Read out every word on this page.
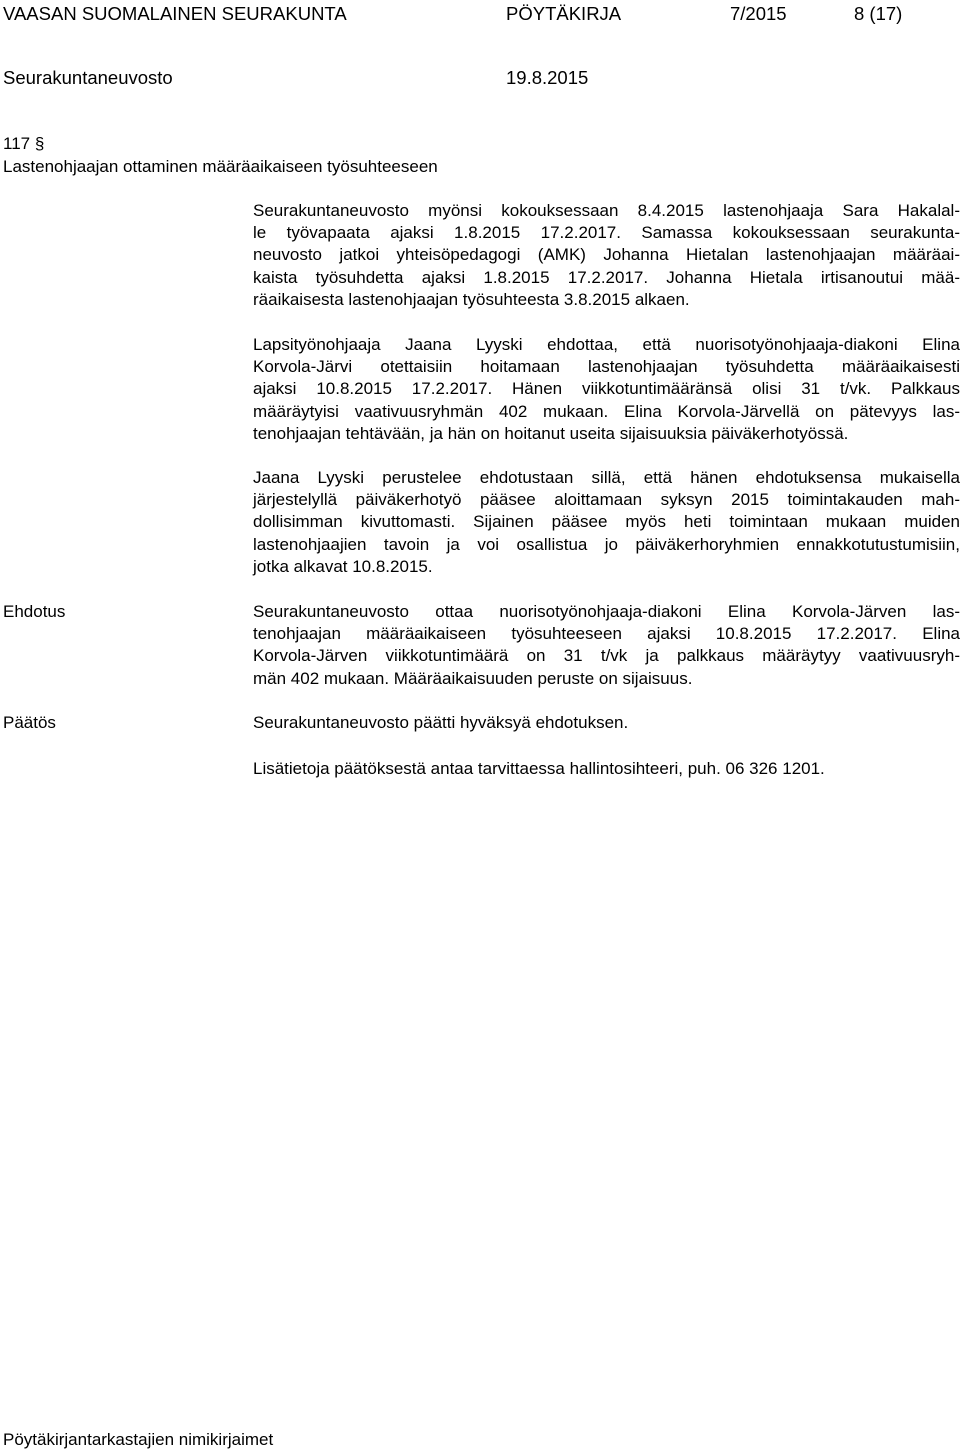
VAASAN SUOMALAINEN SEURAKUNTA	PÖYTÄKIRJA	7/2015	8 (17)
Seurakuntaneuvosto	19.8.2015
117 §
Lastenohjaajan ottaminen määräaikaiseen työsuhteeseen
Seurakuntaneuvosto myönsi kokouksessaan 8.4.2015 lastenohjaaja Sara Hakalal-
le työvapaata ajaksi 1.8.2015 17.2.2017. Samassa kokouksessaan seurakunta-
neuvosto jatkoi yhteisöpedagogi (AMK) Johanna Hietalan lastenohjaajan määräai-
kaista työsuhdetta ajaksi 1.8.2015 17.2.2017. Johanna Hietala irtisanoutui mää-
räaikaisesta lastenohjaajan työsuhteesta 3.8.2015 alkaen.
Lapsityönohjaaja Jaana Lyyski ehdottaa, että nuorisotyönohjaaja-diakoni Elina
Korvola-Järvi otettaisiin hoitamaan lastenohjaajan työsuhdetta määräaikaisesti
ajaksi 10.8.2015 17.2.2017. Hänen viikkotuntimääränsä olisi 31 t/vk. Palkkaus
määräytyisi vaativuusryhmän 402 mukaan. Elina Korvola-Järvellä on pätevyys las-
tenohjaajan tehtävään, ja hän on hoitanut useita sijaisuuksia päiväkerhotyössä.
Jaana Lyyski perustelee ehdotustaan sillä, että hänen ehdotuksensa mukaisella
järjestelyllä päiväkerhotyö pääsee aloittamaan syksyn 2015 toimintakauden mah-
dollisimman kivuttomasti. Sijainen pääsee myös heti toimintaan mukaan muiden
lastenohjaajien tavoin ja voi osallistua jo päiväkerhoryhmien ennakkotutustumisiin,
jotka alkavat 10.8.2015.
Ehdotus	Seurakuntaneuvosto ottaa nuorisotyönohjaaja-diakoni Elina Korvola-Järven las-
tenohjaajan määräaikaiseen työsuhteeseen ajaksi 10.8.2015 17.2.2017. Elina
Korvola-Järven viikkotuntimäärä on 31 t/vk ja palkkaus määräytyy vaativuusryh-
män 402 mukaan. Määräaikaisuuden peruste on sijaisuus.
Päätös	Seurakuntaneuvosto päätti hyväksyä ehdotuksen.
Lisätietoja päätöksestä antaa tarvittaessa hallintosihteeri, puh. 06 326 1201.
Pöytäkirjantarkastajien nimikirjaimet
